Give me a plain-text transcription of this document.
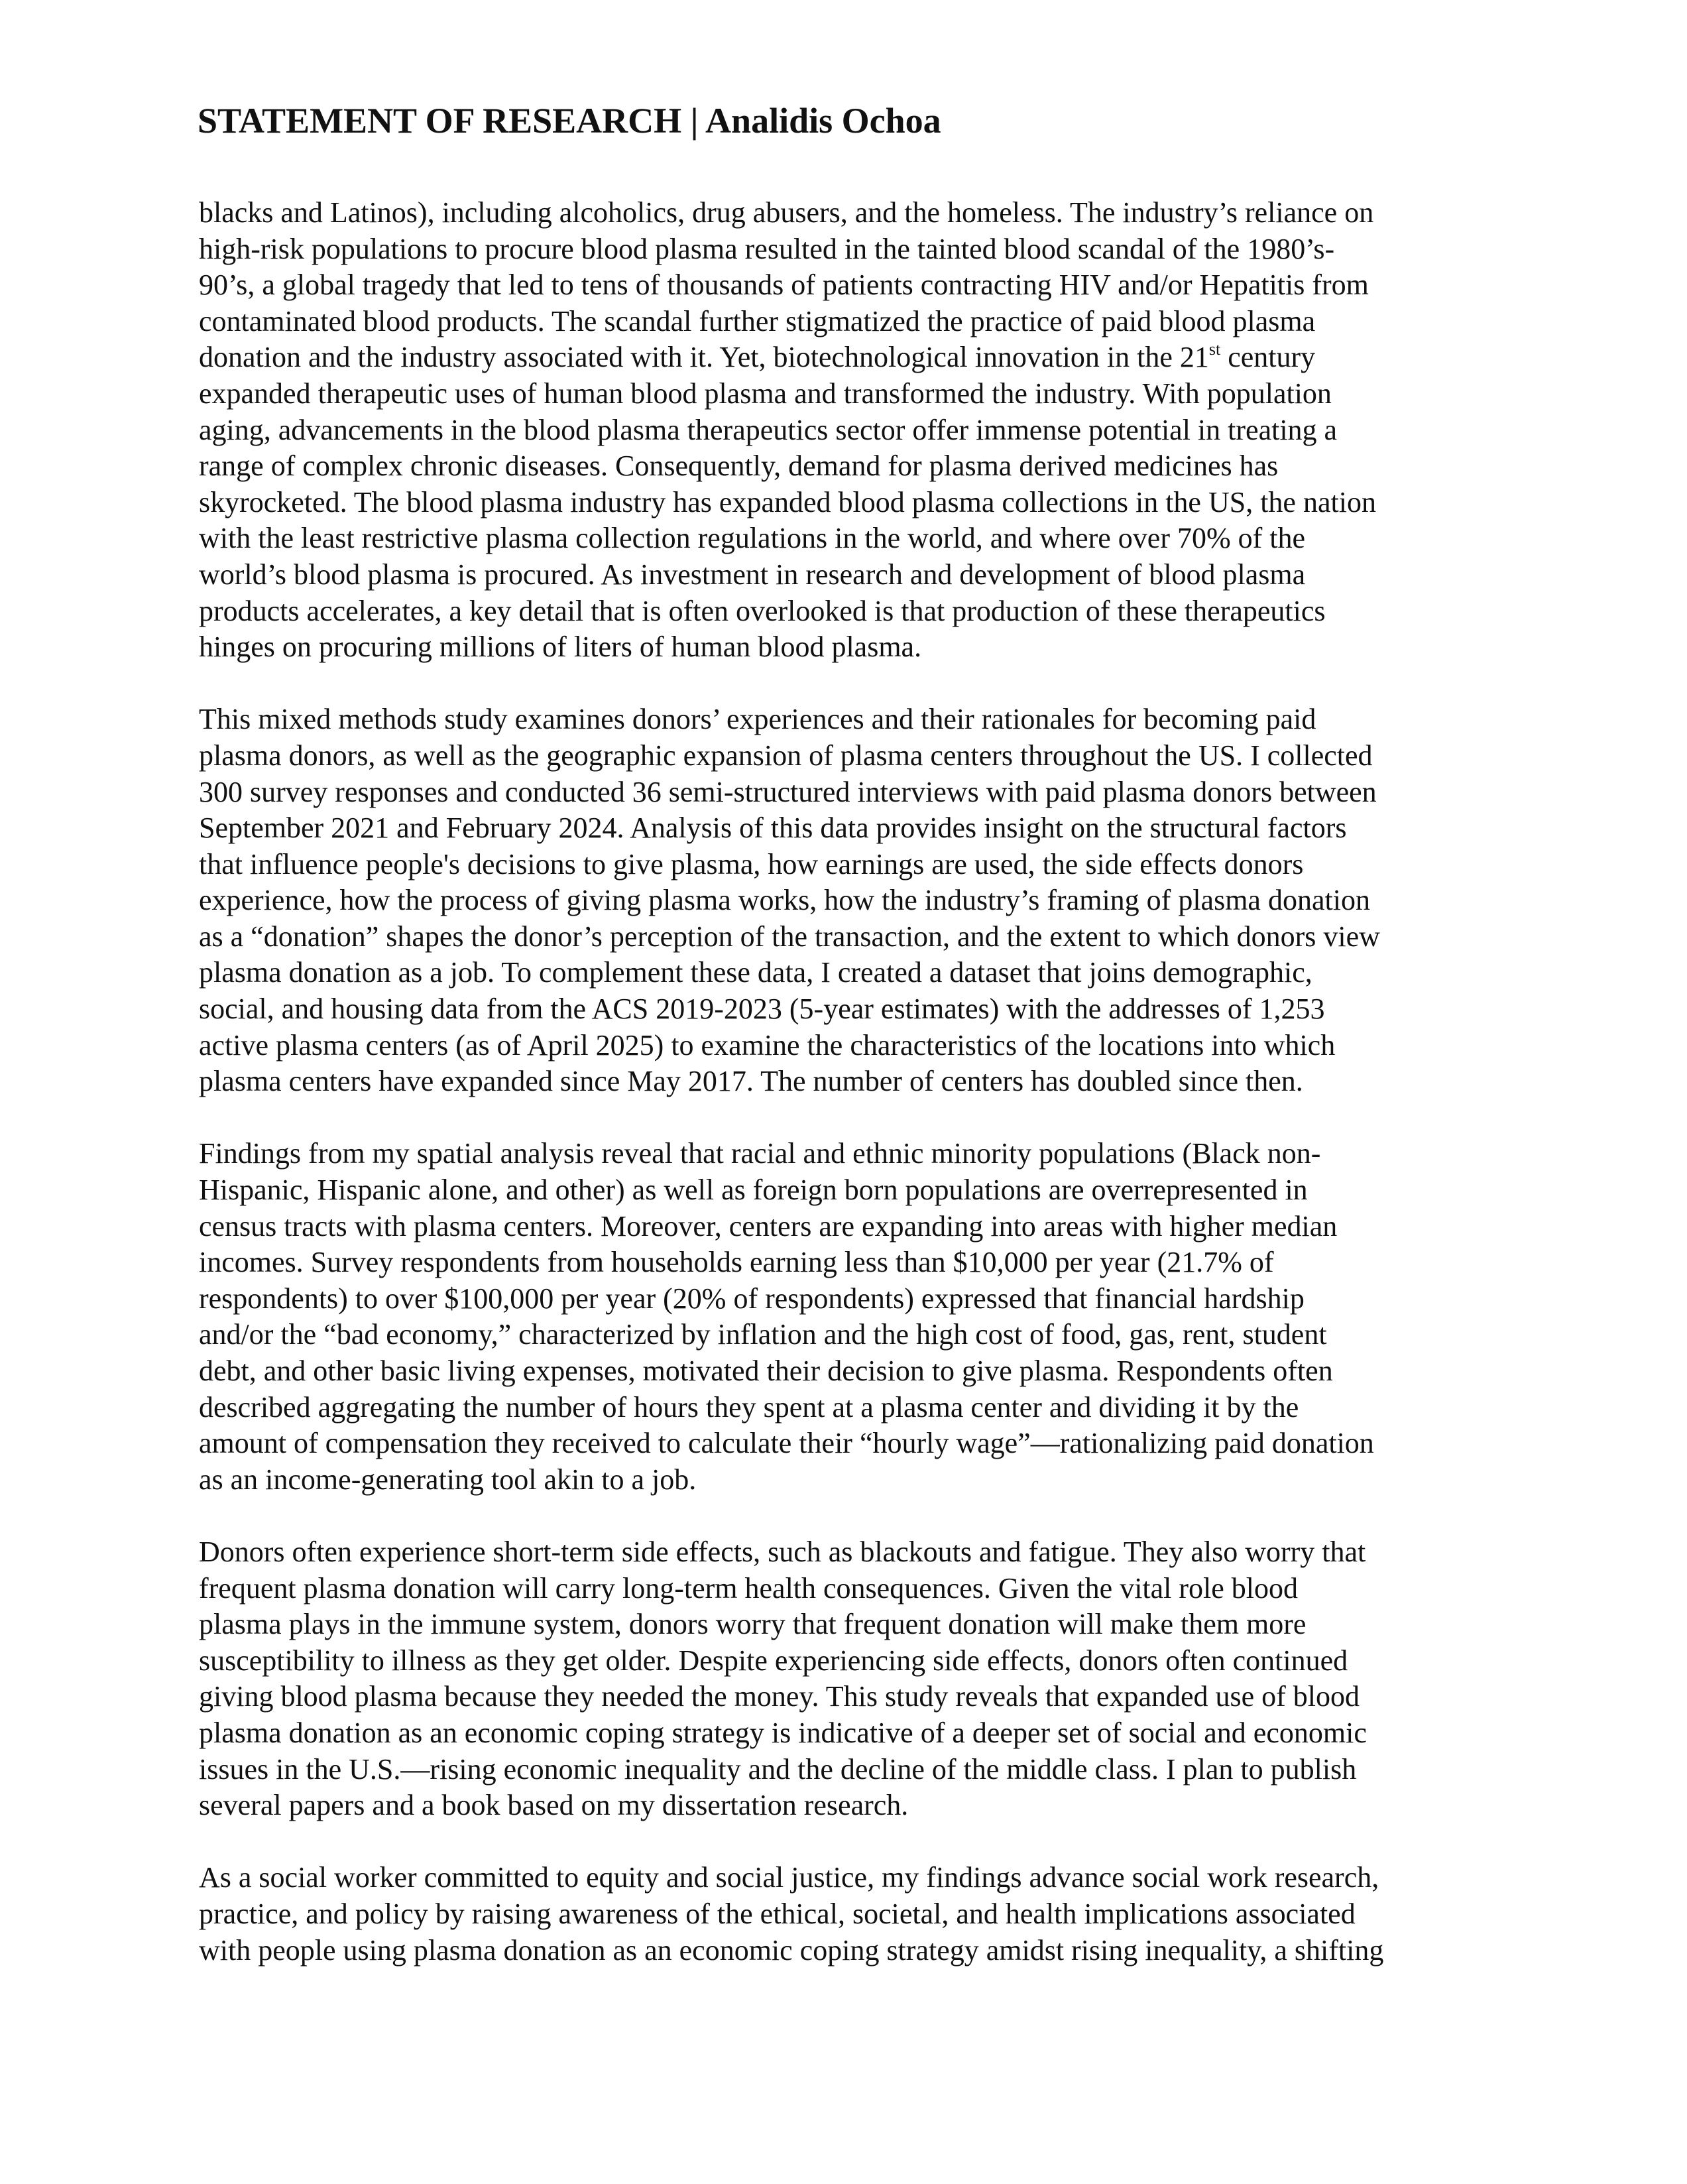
STATEMENT OF RESEARCH | Analidis Ochoa
blacks and Latinos), including alcoholics, drug abusers, and the homeless. The industry’s reliance on
high-risk populations to procure blood plasma resulted in the tainted blood scandal of the 1980’s-
90’s, a global tragedy that led to tens of thousands of patients contracting HIV and/or Hepatitis from
contaminated blood products. The scandal further stigmatized the practice of paid blood plasma
donation and the industry associated with it. Yet, biotechnological innovation in the 21st century
expanded therapeutic uses of human blood plasma and transformed the industry. With population
aging, advancements in the blood plasma therapeutics sector offer immense potential in treating a
range of complex chronic diseases. Consequently, demand for plasma derived medicines has
skyrocketed. The blood plasma industry has expanded blood plasma collections in the US, the nation
with the least restrictive plasma collection regulations in the world, and where over 70% of the
world’s blood plasma is procured. As investment in research and development of blood plasma
products accelerates, a key detail that is often overlooked is that production of these therapeutics
hinges on procuring millions of liters of human blood plasma.
This mixed methods study examines donors’ experiences and their rationales for becoming paid
plasma donors, as well as the geographic expansion of plasma centers throughout the US. I collected
300 survey responses and conducted 36 semi-structured interviews with paid plasma donors between
September 2021 and February 2024. Analysis of this data provides insight on the structural factors
that influence people's decisions to give plasma, how earnings are used, the side effects donors
experience, how the process of giving plasma works, how the industry’s framing of plasma donation
as a “donation” shapes the donor’s perception of the transaction, and the extent to which donors view
plasma donation as a job. To complement these data, I created a dataset that joins demographic,
social, and housing data from the ACS 2019-2023 (5-year estimates) with the addresses of 1,253
active plasma centers (as of April 2025) to examine the characteristics of the locations into which
plasma centers have expanded since May 2017. The number of centers has doubled since then.
Findings from my spatial analysis reveal that racial and ethnic minority populations (Black non-
Hispanic, Hispanic alone, and other) as well as foreign born populations are overrepresented in
census tracts with plasma centers. Moreover, centers are expanding into areas with higher median
incomes. Survey respondents from households earning less than $10,000 per year (21.7% of
respondents) to over $100,000 per year (20% of respondents) expressed that financial hardship
and/or the “bad economy,” characterized by inflation and the high cost of food, gas, rent, student
debt, and other basic living expenses, motivated their decision to give plasma. Respondents often
described aggregating the number of hours they spent at a plasma center and dividing it by the
amount of compensation they received to calculate their “hourly wage”—rationalizing paid donation
as an income-generating tool akin to a job.
Donors often experience short-term side effects, such as blackouts and fatigue. They also worry that
frequent plasma donation will carry long-term health consequences. Given the vital role blood
plasma plays in the immune system, donors worry that frequent donation will make them more
susceptibility to illness as they get older. Despite experiencing side effects, donors often continued
giving blood plasma because they needed the money. This study reveals that expanded use of blood
plasma donation as an economic coping strategy is indicative of a deeper set of social and economic
issues in the U.S.—rising economic inequality and the decline of the middle class. I plan to publish
several papers and a book based on my dissertation research.
As a social worker committed to equity and social justice, my findings advance social work research,
practice, and policy by raising awareness of the ethical, societal, and health implications associated
with people using plasma donation as an economic coping strategy amidst rising inequality, a shifting
